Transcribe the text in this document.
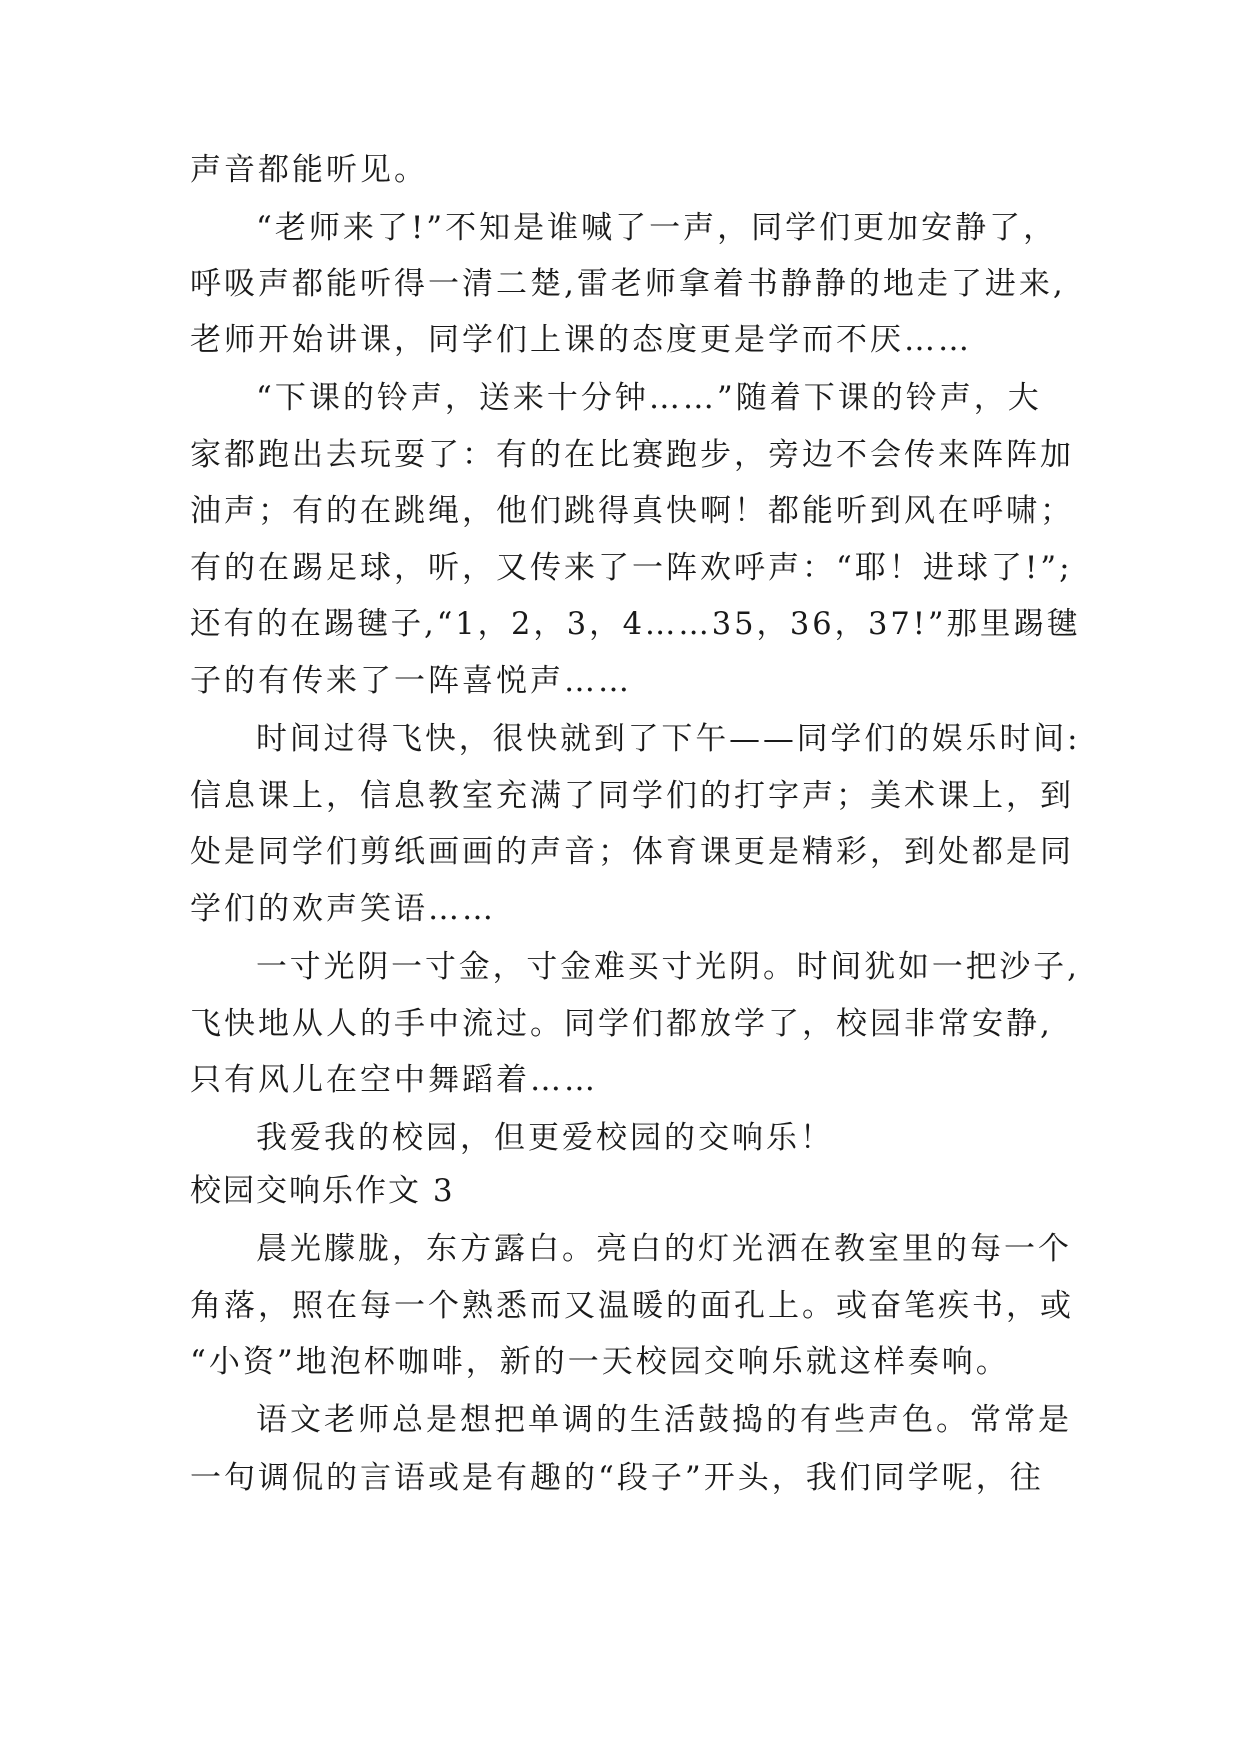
声音都能听见。

“老师来了!”不知是谁喊了一声，同学们更加安静了，

呼吸声都能听得一清二楚,雷老师拿着书静静的地走了进来,

老师开始讲课，同学们上课的态度更是学而不厌……

“下课的铃声，送来十分钟……”随着下课的铃声，大

家都跑出去玩耍了：有的在比赛跑步，旁边不会传来阵阵加

油声；有的在跳绳，他们跳得真快啊！都能听到风在呼啸；

有的在踢足球，听，又传来了一阵欢呼声：“耶！进球了!”;

还有的在踢毽子,“1，2，3，4……35，36，37!”那里踢毽

子的有传来了一阵喜悦声……

时间过得飞快，很快就到了下午——同学们的娱乐时间:

信息课上，信息教室充满了同学们的打字声；美术课上，到

处是同学们剪纸画画的声音；体育课更是精彩，到处都是同

学们的欢声笑语……

一寸光阴一寸金，寸金难买寸光阴。时间犹如一把沙子,

飞快地从人的手中流过。同学们都放学了，校园非常安静,

只有风儿在空中舞蹈着……

我爱我的校园，但更爱校园的交响乐！

校园交响乐作文 3

晨光朦胧，东方露白。亮白的灯光洒在教室里的每一个

角落，照在每一个熟悉而又温暖的面孔上。或奋笔疾书，或

“小资”地泡杯咖啡，新的一天校园交响乐就这样奏响。

语文老师总是想把单调的生活鼓捣的有些声色。常常是

一句调侃的言语或是有趣的“段子”开头，我们同学呢，往
